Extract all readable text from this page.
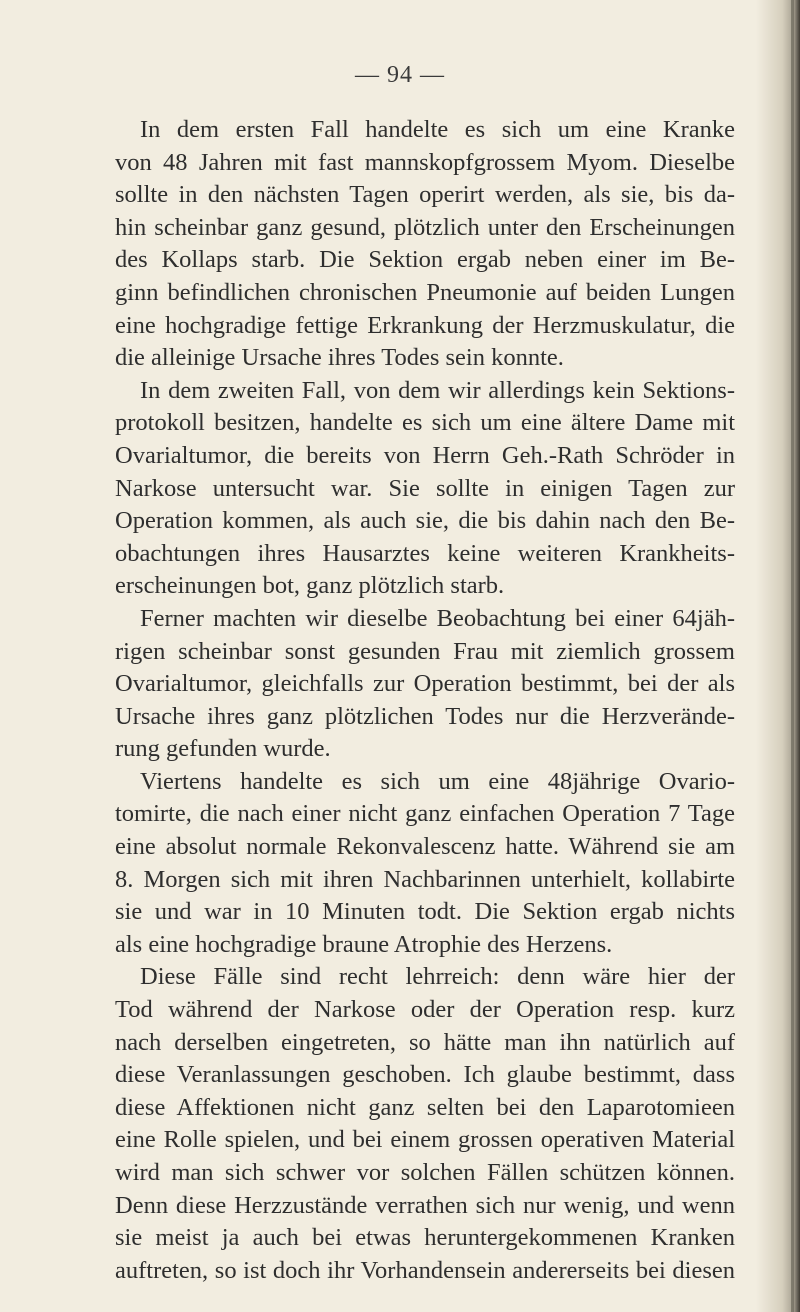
— 94 —

In dem ersten Fall handelte es sich um eine Kranke
von 48 Jahren mit fast mannskopfgrossem Myom. Dieselbe
sollte in den nächsten Tagen operirt werden, als sie, bis da-
hin scheinbar ganz gesund, plötzlich unter den Erscheinungen
des Kollaps starb. Die Sektion ergab neben einer im Be-
ginn befindlichen chronischen Pneumonie auf beiden Lungen
eine hochgradige fettige Erkrankung der Herzmuskulatur, die
die alleinige Ursache ihres Todes sein konnte.
In dem zweiten Fall, von dem wir allerdings kein Sektions-
protokoll besitzen, handelte es sich um eine ältere Dame mit
Ovarialtumor, die bereits von Herrn Geh.-Rath Schröder in
Narkose untersucht war. Sie sollte in einigen Tagen zur
Operation kommen, als auch sie, die bis dahin nach den Be-
obachtungen ihres Hausarztes keine weiteren Krankheits-
erscheinungen bot, ganz plötzlich starb.
Ferner machten wir dieselbe Beobachtung bei einer 64jäh-
rigen scheinbar sonst gesunden Frau mit ziemlich grossem
Ovarialtumor, gleichfalls zur Operation bestimmt, bei der als
Ursache ihres ganz plötzlichen Todes nur die Herzverände-
rung gefunden wurde.
Viertens handelte es sich um eine 48jährige Ovario-
tomirte, die nach einer nicht ganz einfachen Operation 7 Tage
eine absolut normale Rekonvalescenz hatte. Während sie am
8. Morgen sich mit ihren Nachbarinnen unterhielt, kollabirte
sie und war in 10 Minuten todt. Die Sektion ergab nichts
als eine hochgradige braune Atrophie des Herzens.
Diese Fälle sind recht lehrreich: denn wäre hier der
Tod während der Narkose oder der Operation resp. kurz
nach derselben eingetreten, so hätte man ihn natürlich auf
diese Veranlassungen geschoben. Ich glaube bestimmt, dass
diese Affektionen nicht ganz selten bei den Laparotomieen
eine Rolle spielen, und bei einem grossen operativen Material
wird man sich schwer vor solchen Fällen schützen können.
Denn diese Herzzustände verrathen sich nur wenig, und wenn
sie meist ja auch bei etwas heruntergekommenen Kranken
auftreten, so ist doch ihr Vorhandensein andererseits bei diesen
